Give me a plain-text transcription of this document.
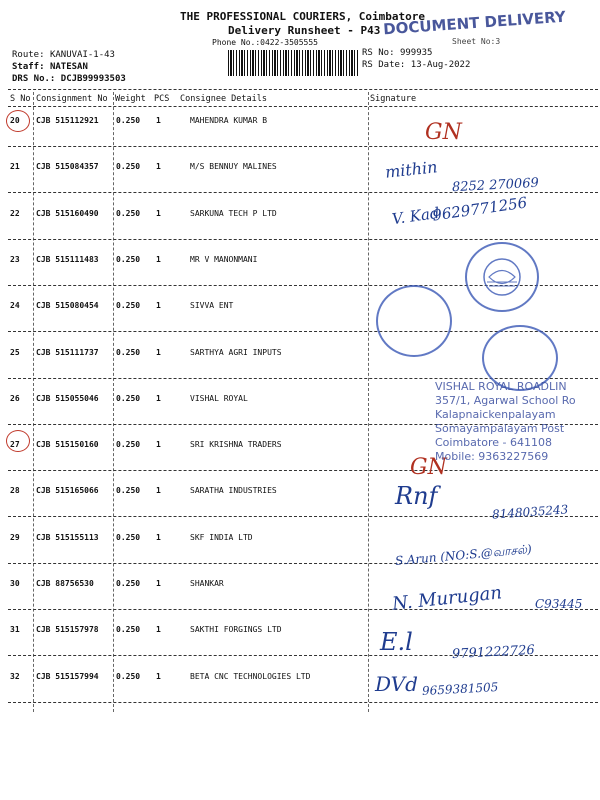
THE PROFESSIONAL COURIERS, Coimbatore
Delivery Runsheet - P43
Phone No.:0422-3505555
DOCUMENT DELIVERY
Sheet No:3
Route: KANUVAI-1-43
Staff: NATESAN
DRS No.: DCJB99993503
RS No: 999935
RS Date: 13-Aug-2022
S No Consignment No Weight PCS Consignee Details	Signature
20 CJB 515112921 0.250 1	MAHENDRA KUMAR B
21 CJB 515084357 0.250 1	M/S BENNUY MALINES
22 CJB 515160490 0.250 1	SARKUNA TECH P LTD
23 CJB 515111483 0.250 1	MR V MANONMANI
24 CJB 515080454 0.250 1	SIVVA ENT
25 CJB 515111737 0.250 1	SARTHYA AGRI INPUTS
26 CJB 515055046 0.250 1	VISHAL ROYAL
27 CJB 515150160 0.250 1	SRI KRISHNA TRADERS
28 CJB 515165066 0.250 1	SARATHA INDUSTRIES
29 CJB 515155113 0.250 1	SKF INDIA LTD
30 CJB 88756530	0.250 1	SHANKAR
31 CJB 515157978 0.250 1	SAKTHI FORGINGS LTD
32 CJB 515157994 0.250 1	BETA CNC TECHNOLOGIES LTD
GN
mithin
8252 270069
V. Kad
9629771256
GN
Rnf
8148035243
S.Arun (NO:S.@வாசல்)
N. Murugan	C93445
E.l	9791222726
DVd 9659381505
VISHAL ROYAL ROADLIN
357/1, Agarwal School Ro
Kalapnaickenpalayam
Somayampalayam Post
Coimbatore - 641108
Mobile: 9363227569
